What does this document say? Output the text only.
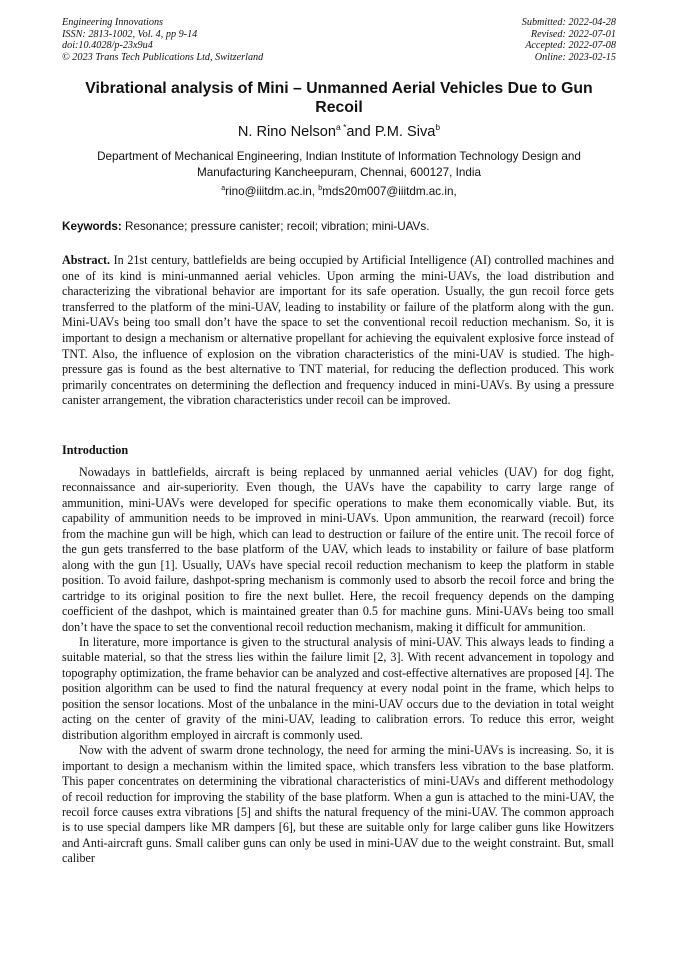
Engineering Innovations
ISSN: 2813-1002, Vol. 4, pp 9-14
doi:10.4028/p-23x9u4
© 2023 Trans Tech Publications Ltd, Switzerland
Submitted: 2022-04-28
Revised: 2022-07-01
Accepted: 2022-07-08
Online: 2023-02-15
Vibrational analysis of Mini – Unmanned Aerial Vehicles Due to Gun Recoil
N. Rino Nelson$^{a *}$and P.M. Siva$^b$
Department of Mechanical Engineering, Indian Institute of Information Technology Design and Manufacturing Kancheepuram, Chennai, 600127, India
$^a$rino@iiitdm.ac.in, $^b$mds20m007@iiitdm.ac.in,
Keywords: Resonance; pressure canister; recoil; vibration; mini-UAVs.
Abstract. In 21st century, battlefields are being occupied by Artificial Intelligence (AI) controlled machines and one of its kind is mini-unmanned aerial vehicles. Upon arming the mini-UAVs, the load distribution and characterizing the vibrational behavior are important for its safe operation. Usually, the gun recoil force gets transferred to the platform of the mini-UAV, leading to instability or failure of the platform along with the gun. Mini-UAVs being too small don’t have the space to set the conventional recoil reduction mechanism. So, it is important to design a mechanism or alternative propellant for achieving the equivalent explosive force instead of TNT. Also, the influence of explosion on the vibration characteristics of the mini-UAV is studied. The high-pressure gas is found as the best alternative to TNT material, for reducing the deflection produced. This work primarily concentrates on determining the deflection and frequency induced in mini-UAVs. By using a pressure canister arrangement, the vibration characteristics under recoil can be improved.
Introduction

Nowadays in battlefields, aircraft is being replaced by unmanned aerial vehicles (UAV) for dog fight, reconnaissance and air-superiority. Even though, the UAVs have the capability to carry large range of ammunition, mini-UAVs were developed for specific operations to make them economically viable. But, its capability of ammunition needs to be improved in mini-UAVs. Upon ammunition, the rearward (recoil) force from the machine gun will be high, which can lead to destruction or failure of the entire unit. The recoil force of the gun gets transferred to the base platform of the UAV, which leads to instability or failure of base platform along with the gun [1]. Usually, UAVs have special recoil reduction mechanism to keep the platform in stable position. To avoid failure, dashpot-spring mechanism is commonly used to absorb the recoil force and bring the cartridge to its original position to fire the next bullet. Here, the recoil frequency depends on the damping coefficient of the dashpot, which is maintained greater than 0.5 for machine guns. Mini-UAVs being too small don’t have the space to set the conventional recoil reduction mechanism, making it difficult for ammunition.

In literature, more importance is given to the structural analysis of mini-UAV. This always leads to finding a suitable material, so that the stress lies within the failure limit [2, 3]. With recent advancement in topology and topography optimization, the frame behavior can be analyzed and cost-effective alternatives are proposed [4]. The position algorithm can be used to find the natural frequency at every nodal point in the frame, which helps to position the sensor locations. Most of the unbalance in the mini-UAV occurs due to the deviation in total weight acting on the center of gravity of the mini-UAV, leading to calibration errors. To reduce this error, weight distribution algorithm employed in aircraft is commonly used.

Now with the advent of swarm drone technology, the need for arming the mini-UAVs is increasing. So, it is important to design a mechanism within the limited space, which transfers less vibration to the base platform. This paper concentrates on determining the vibrational characteristics of mini-UAVs and different methodology of recoil reduction for improving the stability of the base platform. When a gun is attached to the mini-UAV, the recoil force causes extra vibrations [5] and shifts the natural frequency of the mini-UAV. The common approach is to use special dampers like MR dampers [6], but these are suitable only for large caliber guns like Howitzers and Anti-aircraft guns. Small caliber guns can only be used in mini-UAV due to the weight constraint. But, small caliber
